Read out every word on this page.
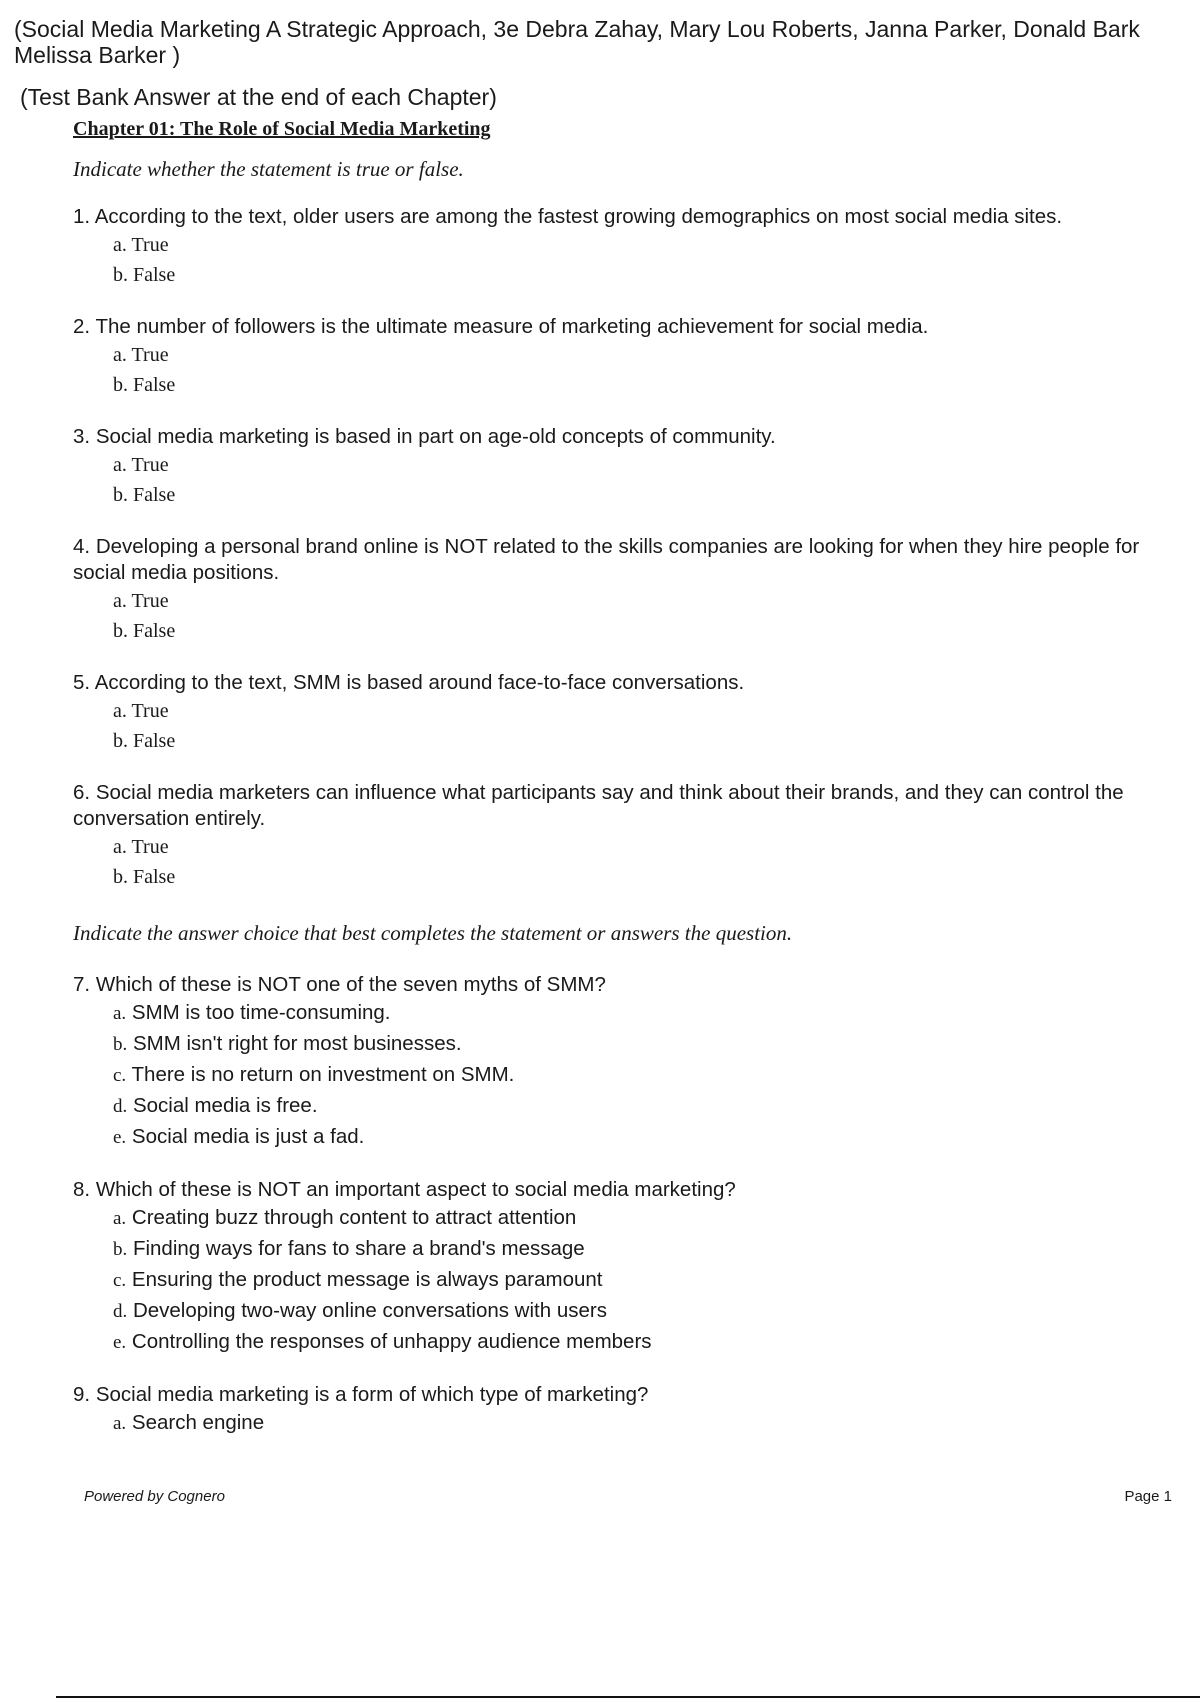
(Social Media Marketing A Strategic Approach, 3e Debra Zahay, Mary Lou Roberts, Janna Parker, Donald Bark
Melissa Barker )
(Test Bank Answer at the end of each Chapter)

Chapter 01: The Role of Social Media Marketing

Indicate whether the statement is true or false.

1. According to the text, older users are among the fastest growing demographics on most social media sites.

a. True
b. False

2. The number of followers is the ultimate measure of marketing achievement for social media.

a. True
b. False

3. Social media marketing is based in part on age-old concepts of community.

a. True
b. False

4. Developing a personal brand online is NOT related to the skills companies are looking for when they hire people for social media positions.

a. True
b. False

5. According to the text, SMM is based around face-to-face conversations.

a. True
b. False

6. Social media marketers can influence what participants say and think about their brands, and they can control the conversation entirely.

a. True
b. False

Indicate the answer choice that best completes the statement or answers the question.

7. Which of these is NOT one of the seven myths of SMM?

a. SMM is too time-consuming.
b. SMM isn't right for most businesses.
c. There is no return on investment on SMM.
d. Social media is free.
e. Social media is just a fad.

8. Which of these is NOT an important aspect to social media marketing?

a. Creating buzz through content to attract attention
b. Finding ways for fans to share a brand's message
c. Ensuring the product message is always paramount
d. Developing two-way online conversations with users
e. Controlling the responses of unhappy audience members

9. Social media marketing is a form of which type of marketing?

a. Search engine
Powered by Cognero	Page 1
